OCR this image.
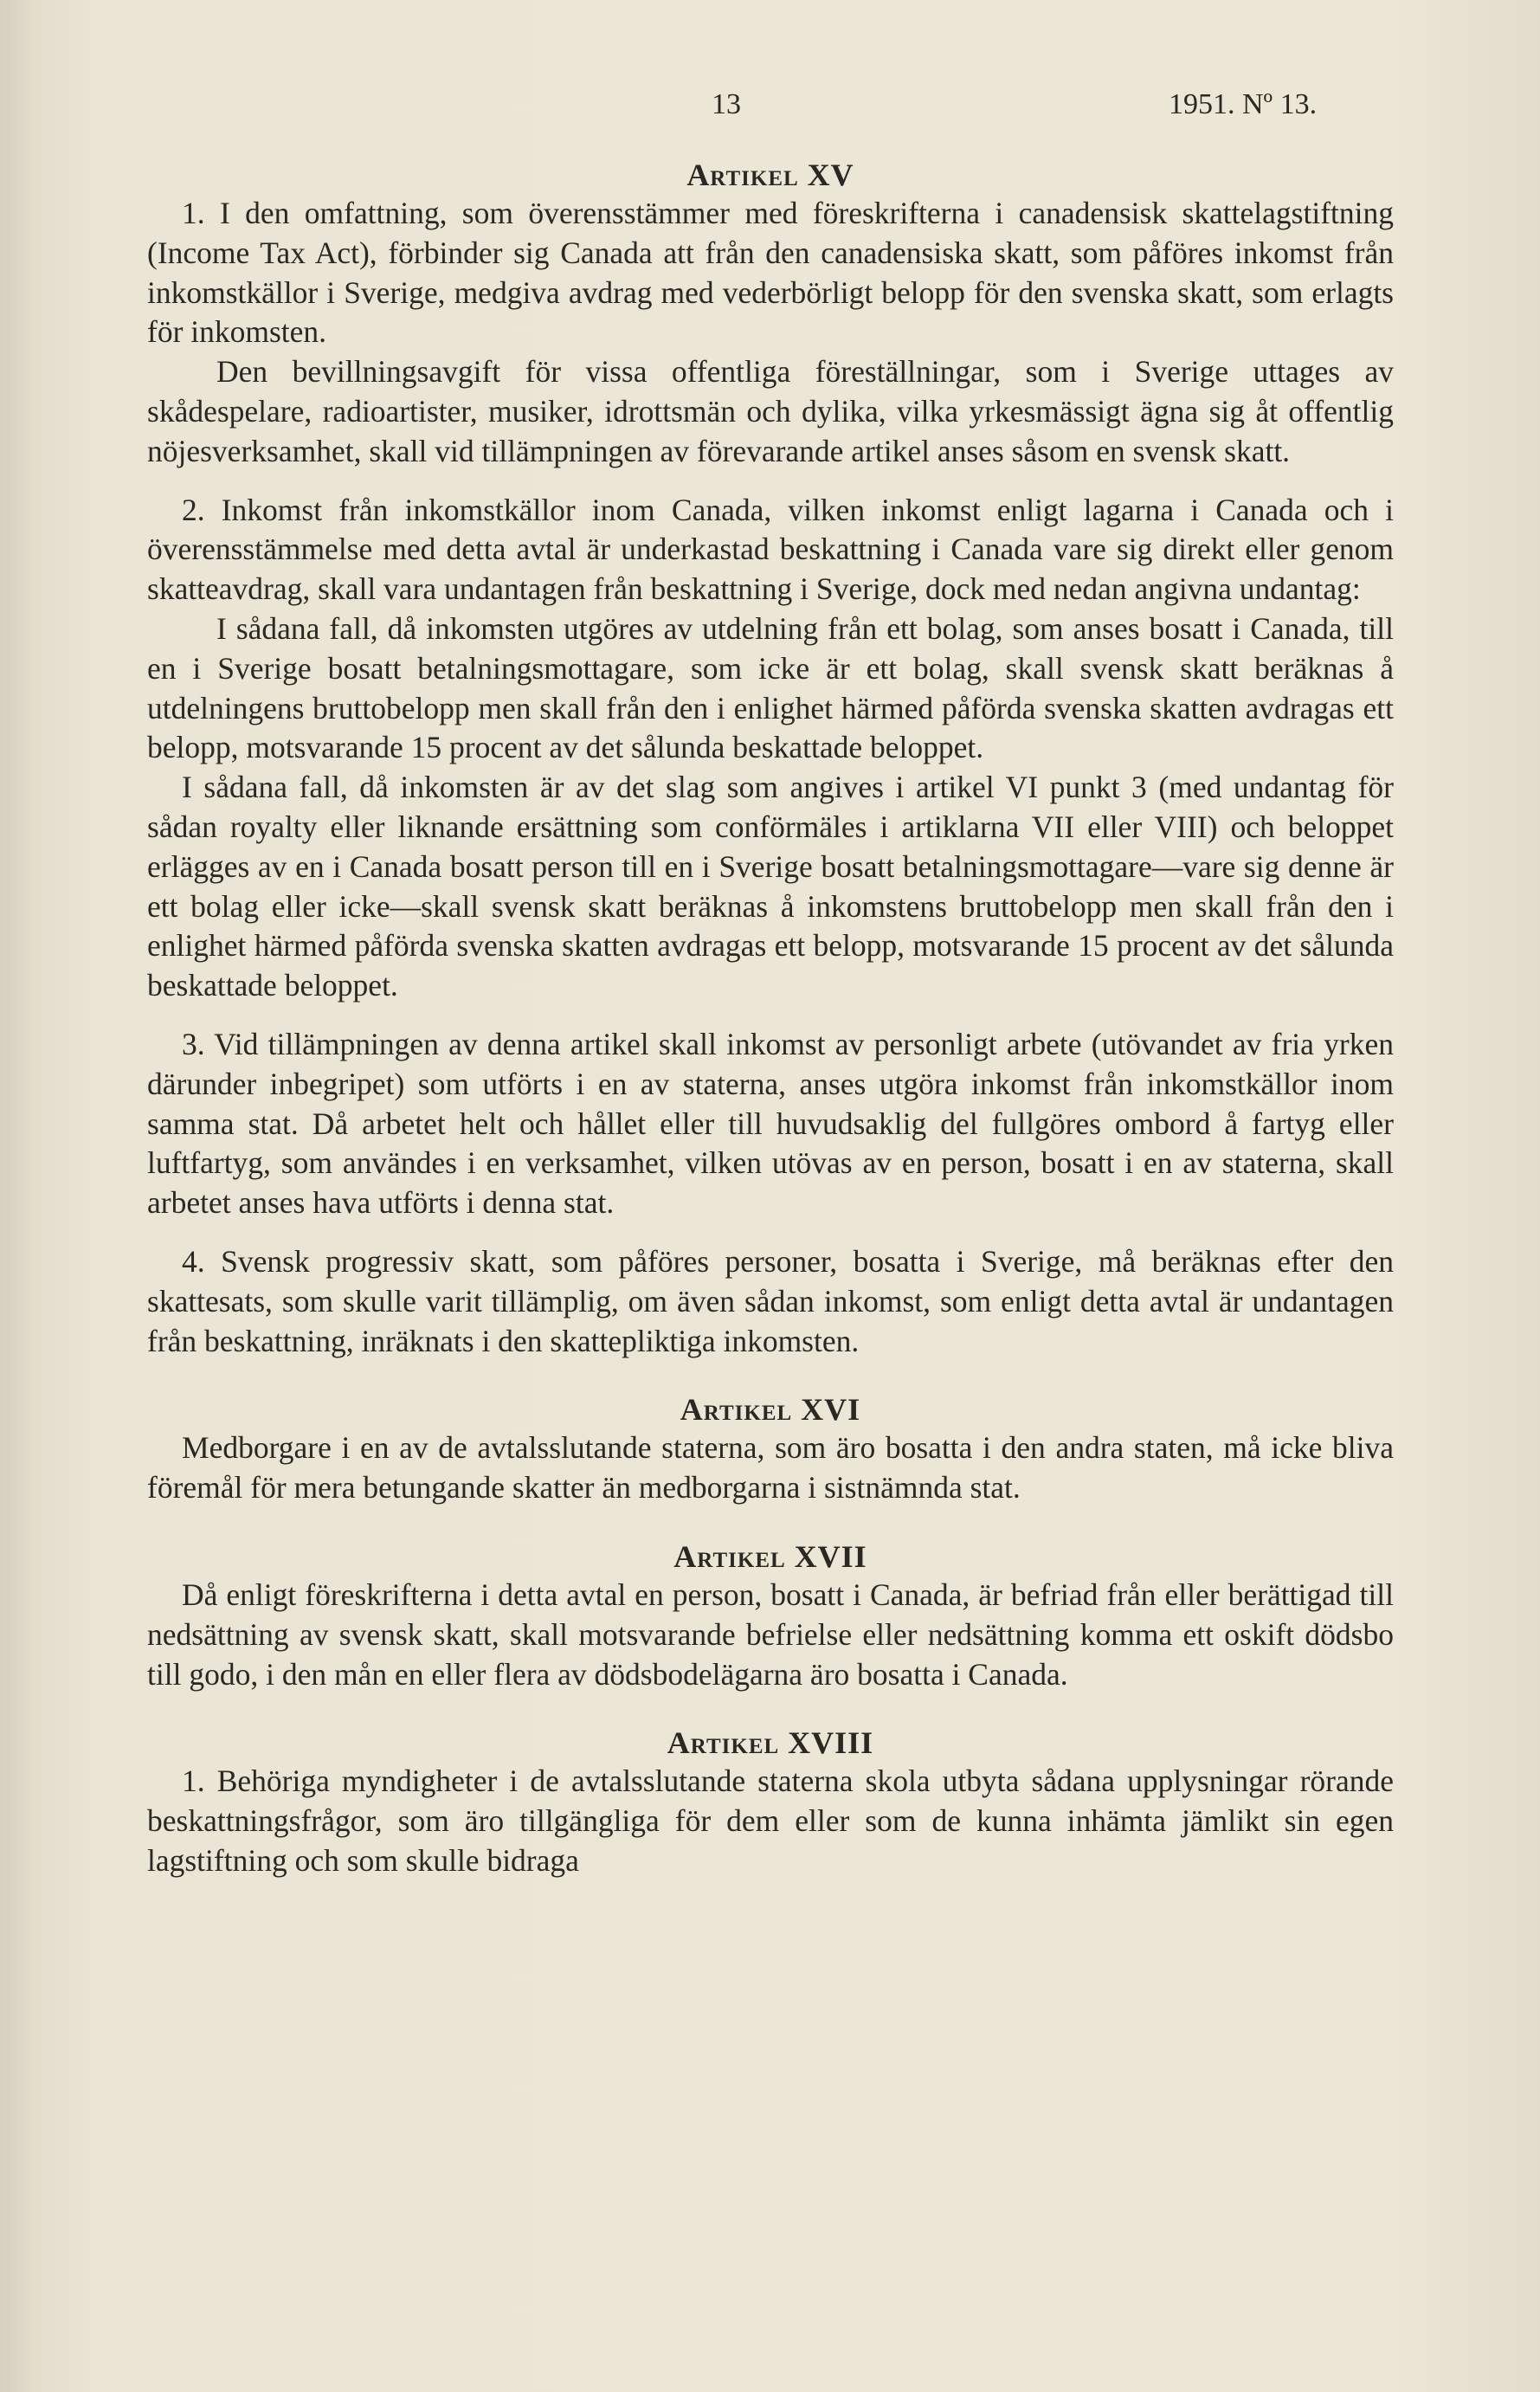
13	1951. Nº 13.
Artikel XV

1. I den omfattning, som överensstämmer med föreskrifterna i canadensisk skattelagstiftning (Income Tax Act), förbinder sig Canada att från den canadensiska skatt, som påföres inkomst från inkomstkällor i Sverige, medgiva avdrag med vederbörligt belopp för den svenska skatt, som erlagts för inkomsten.

Den bevillningsavgift för vissa offentliga föreställningar, som i Sverige uttages av skådespelare, radioartister, musiker, idrottsmän och dylika, vilka yrkesmässigt ägna sig åt offentlig nöjesverksamhet, skall vid tillämpningen av förevarande artikel anses såsom en svensk skatt.

2. Inkomst från inkomstkällor inom Canada, vilken inkomst enligt lagarna i Canada och i överensstämmelse med detta avtal är underkastad beskattning i Canada vare sig direkt eller genom skatteavdrag, skall vara undantagen från beskattning i Sverige, dock med nedan angivna undantag:

I sådana fall, då inkomsten utgöres av utdelning från ett bolag, som anses bosatt i Canada, till en i Sverige bosatt betalningsmottagare, som icke är ett bolag, skall svensk skatt beräknas å utdelningens bruttobelopp men skall från den i enlighet härmed påförda svenska skatten avdragas ett belopp, motsvarande 15 procent av det sålunda beskattade beloppet.

I sådana fall, då inkomsten är av det slag som angives i artikel VI punkt 3 (med undantag för sådan royalty eller liknande ersättning som conförmäles i artiklarna VII eller VIII) och beloppet erlägges av en i Canada bosatt person till en i Sverige bosatt betalningsmottagare—vare sig denne är ett bolag eller icke—skall svensk skatt beräknas å inkomstens bruttobelopp men skall från den i enlighet härmed påförda svenska skatten avdragas ett belopp, motsvarande 15 procent av det sålunda beskattade beloppet.

3. Vid tillämpningen av denna artikel skall inkomst av personligt arbete (utövandet av fria yrken därunder inbegripet) som utförts i en av staterna, anses utgöra inkomst från inkomstkällor inom samma stat. Då arbetet helt och hållet eller till huvudsaklig del fullgöres ombord å fartyg eller luftfartyg, som användes i en verksamhet, vilken utövas av en person, bosatt i en av staterna, skall arbetet anses hava utförts i denna stat.

4. Svensk progressiv skatt, som påföres personer, bosatta i Sverige, må beräknas efter den skattesats, som skulle varit tillämplig, om även sådan inkomst, som enligt detta avtal är undantagen från beskattning, inräknats i den skattepliktiga inkomsten.

Artikel XVI

Medborgare i en av de avtalsslutande staterna, som äro bosatta i den andra staten, må icke bliva föremål för mera betungande skatter än medborgarna i sistnämnda stat.

Artikel XVII

Då enligt föreskrifterna i detta avtal en person, bosatt i Canada, är befriad från eller berättigad till nedsättning av svensk skatt, skall motsvarande befrielse eller nedsättning komma ett oskift dödsbo till godo, i den mån en eller flera av dödsbodelägarna äro bosatta i Canada.

Artikel XVIII

1. Behöriga myndigheter i de avtalsslutande staterna skola utbyta sådana upplysningar rörande beskattningsfrågor, som äro tillgängliga för dem eller som de kunna inhämta jämlikt sin egen lagstiftning och som skulle bidraga
